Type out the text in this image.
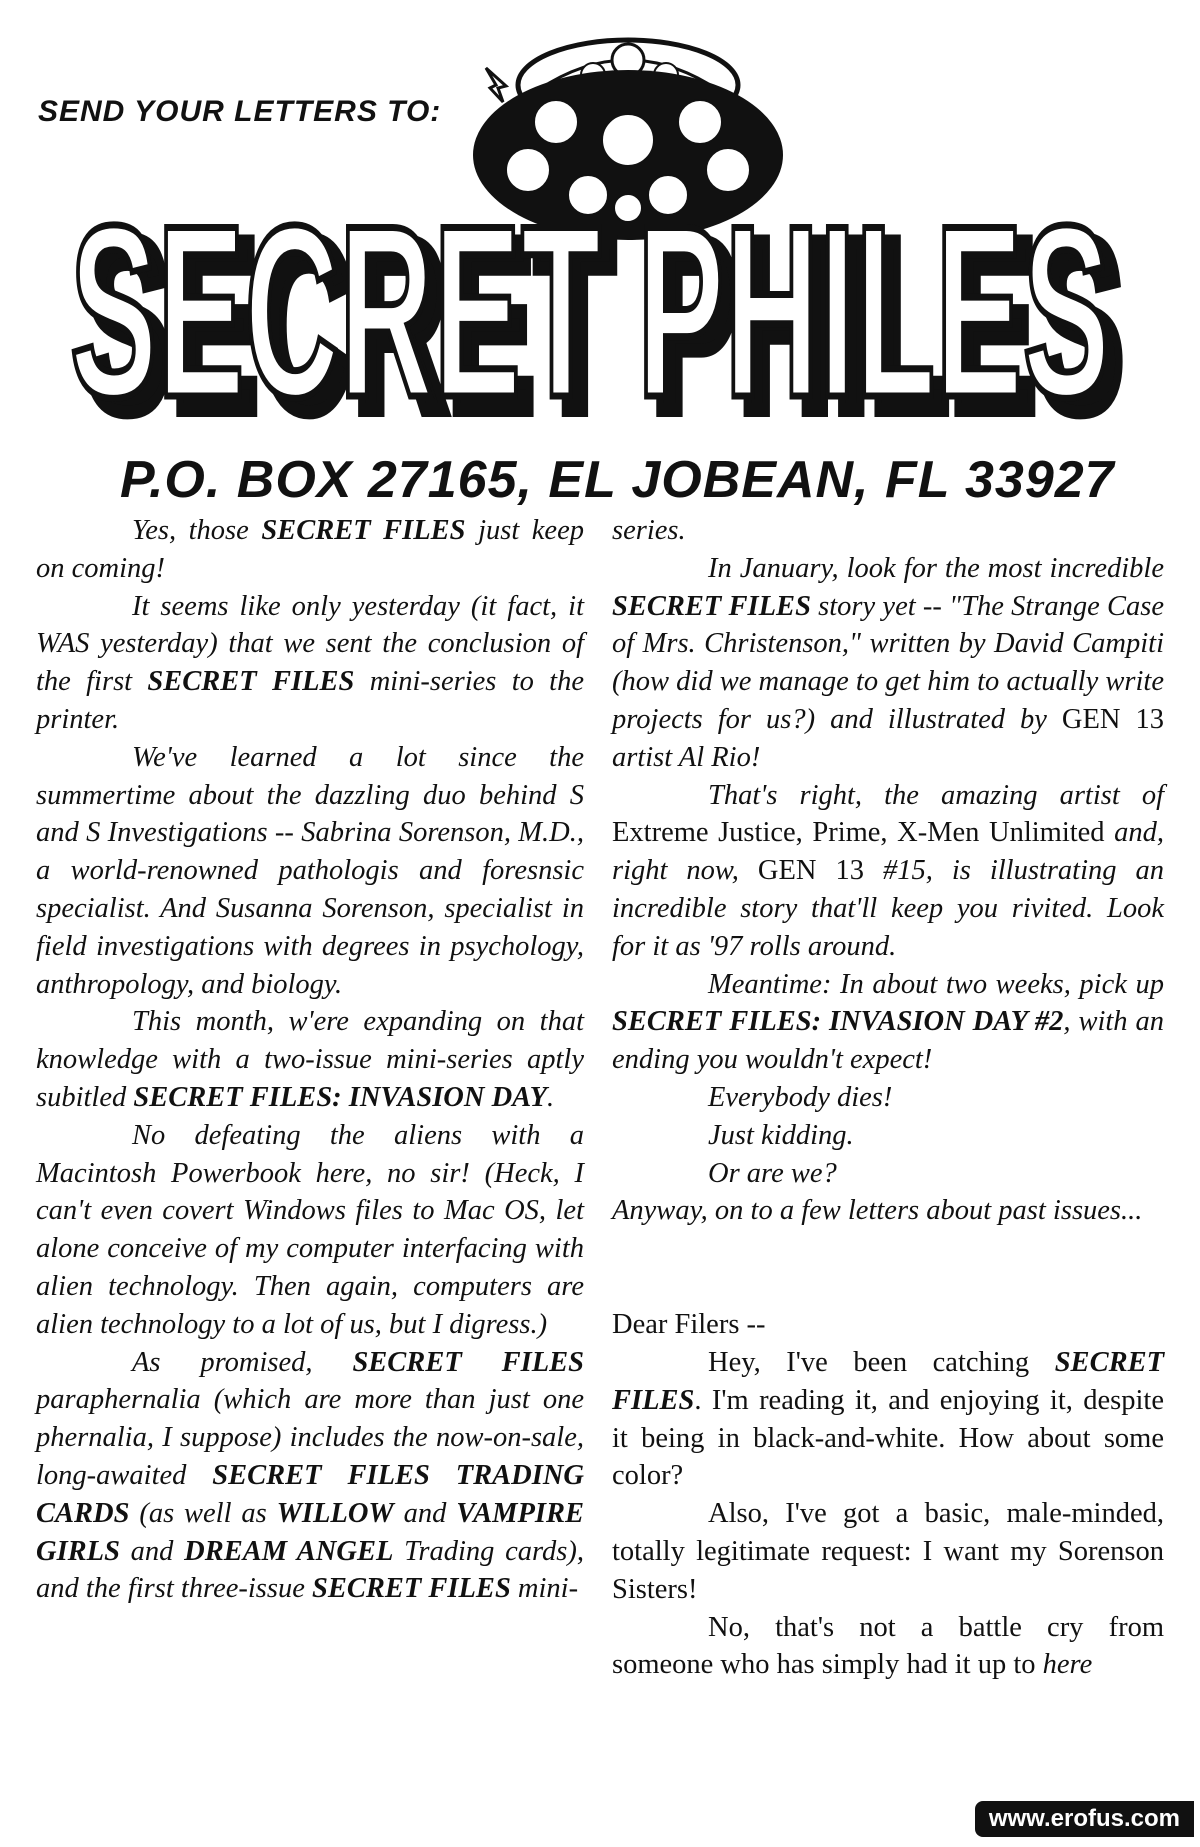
SEND YOUR LETTERS TO:
SECRET PHILES
SECRET PHILES
P.O. BOX 27165, EL JOBEAN, FL 33927

Yes, those SECRET FILES just keep on coming!

It seems like only yesterday (it fact, it WAS yesterday) that we sent the conclusion of the first SECRET FILES mini-series to the printer.

We've learned a lot since the summertime about the dazzling duo behind S and S Investigations -- Sabrina Sorenson, M.D., a world-renowned pathologis and foresnsic specialist. And Susanna Sorenson, specialist in field investigations with degrees in psychology, anthropology, and biology.

This month, w'ere expanding on that knowledge with a two-issue mini-series aptly subitled SECRET FILES: INVASION DAY.

No defeating the aliens with a Macintosh Powerbook here, no sir! (Heck, I can't even covert Windows files to Mac OS, let alone conceive of my computer interfacing with alien technology. Then again, computers are alien technology to a lot of us, but I digress.)

As promised, SECRET FILES paraphernalia (which are more than just one phernalia, I suppose) includes the now-on-sale, long-awaited SECRET FILES TRADING CARDS (as well as WILLOW and VAMPIRE GIRLS and DREAM ANGEL Trading cards), and the first three-issue SECRET FILES mini-

series.

In January, look for the most incredible SECRET FILES story yet -- "The Strange Case of Mrs. Christenson," written by David Campiti (how did we manage to get him to actually write projects for us?) and illustrated by GEN 13 artist Al Rio!

That's right, the amazing artist of Extreme Justice, Prime, X-Men Unlimited and, right now, GEN 13 #15, is illustrating an incredible story that'll keep you rivited. Look for it as '97 rolls around.

Meantime: In about two weeks, pick up SECRET FILES: INVASION DAY #2, with an ending you wouldn't expect!

Everybody dies!

Just kidding.

Or are we?

Anyway, on to a few letters about past issues...

Dear Filers --

Hey, I've been catching SECRET FILES. I'm reading it, and enjoying it, despite it being in black-and-white. How about some color?

Also, I've got a basic, male-minded, totally legitimate request: I want my Sorenson Sisters!

No, that's not a battle cry from someone who has simply had it up to here

www.erofus.com
